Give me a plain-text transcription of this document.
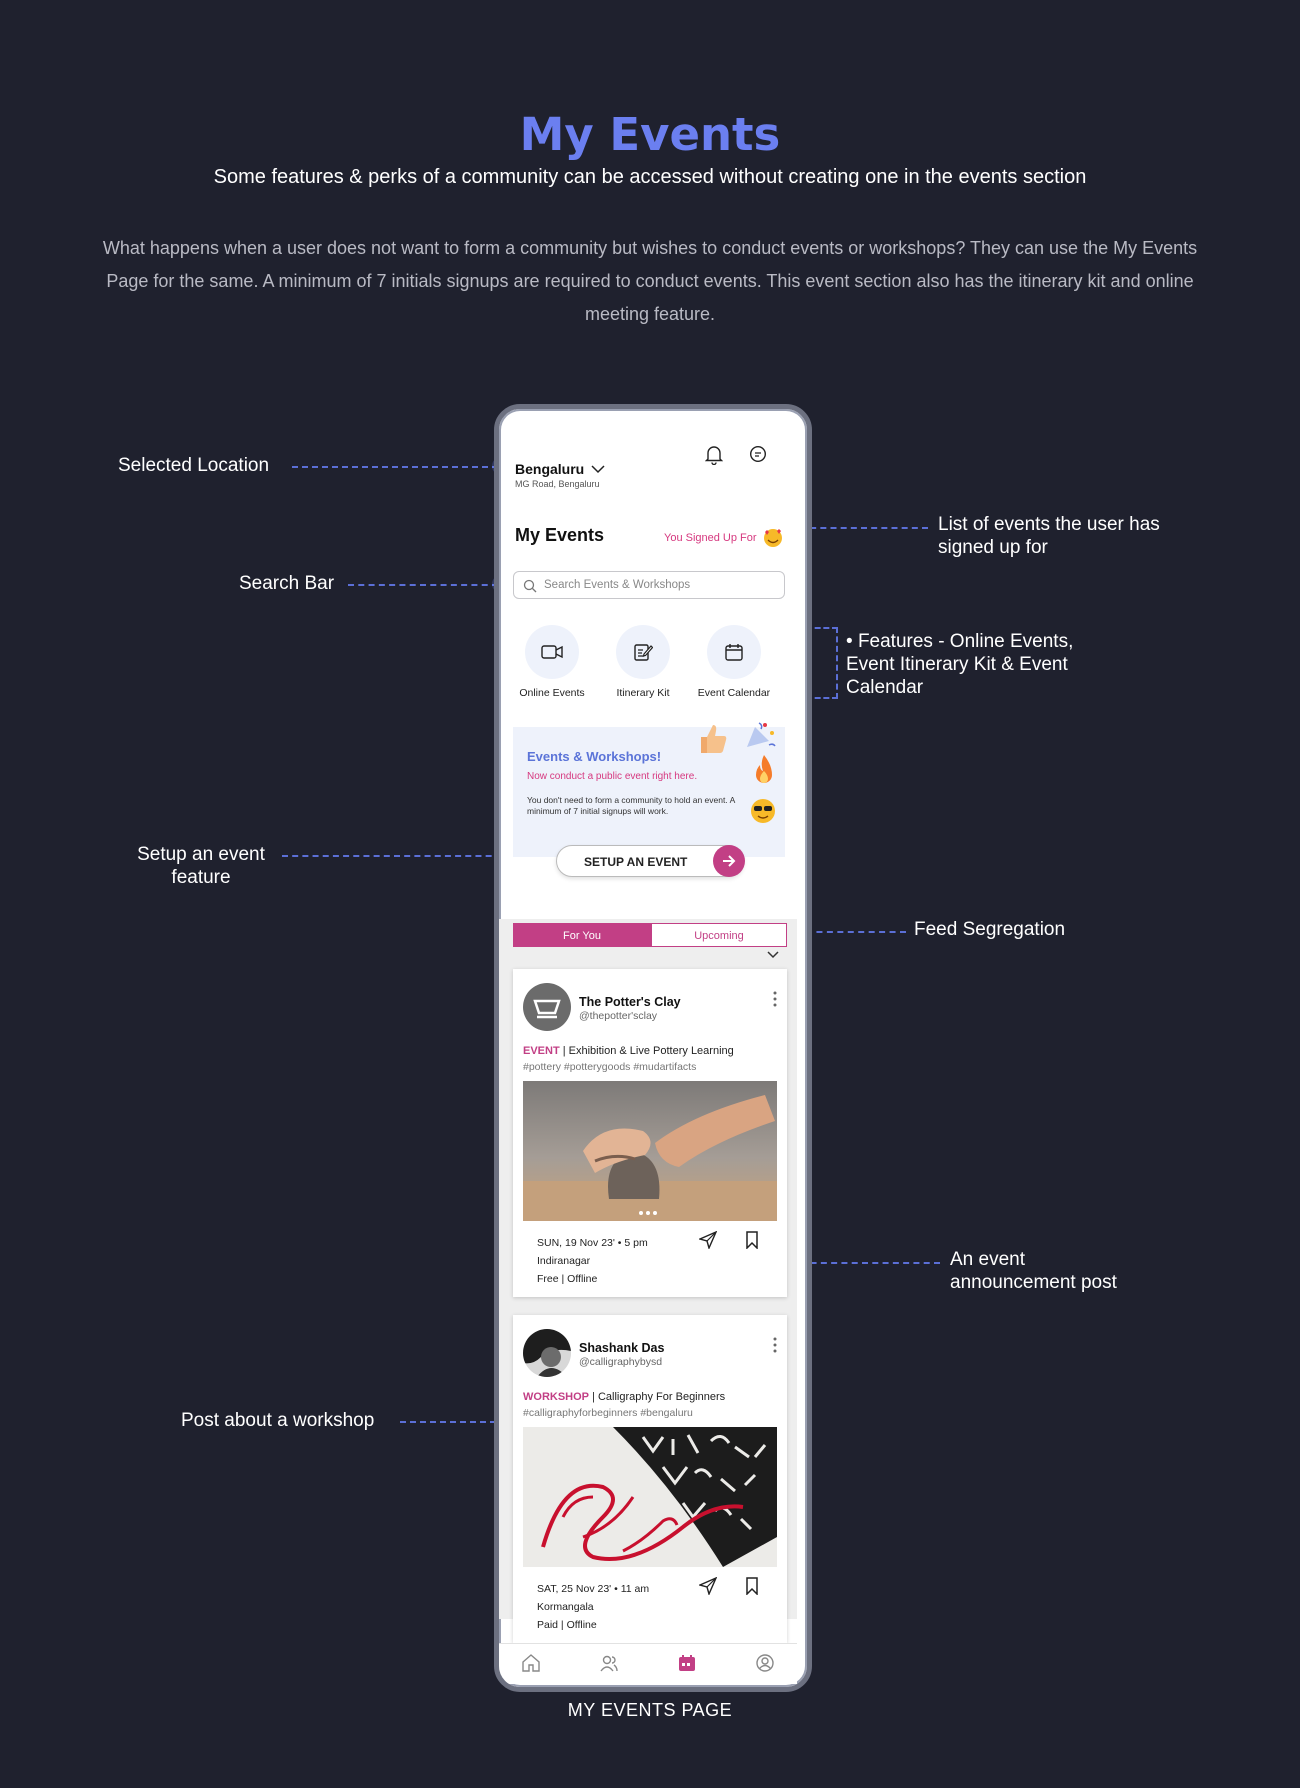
My Events
Some features & perks of a community can be accessed without creating one in the events section
What happens when a user does not want to form a community but wishes to conduct events or workshops? They can use the My Events Page for the same. A minimum of 7 initials signups are required to conduct events. This event section also has the itinerary kit and online meeting feature.
Selected Location
List of events the user has signed up for
Search Bar
• Features - Online Events, Event Itinerary Kit & Event Calendar
Setup an event feature
Feed Segregation
An event announcement post
Post about a workshop
Bengaluru
MG Road, Bengaluru
My Events	You Signed Up For
Search Events & Workshops
Online Events	Itinerary Kit	Event Calendar
Events & Workshops!
Now conduct a public event right here.
You don't need to form a community to hold an event. A minimum of 7 initial signups will work.
SETUP AN EVENT
For You	Upcoming
The Potter's Clay
@thepotter'sclay
EVENT | Exhibition & Live Pottery Learning
#pottery #potterygoods #mudartifacts
SUN, 19 Nov 23' • 5 pm
Indiranagar
Free | Offline
Shashank Das
@calligraphybysd
WORKSHOP | Calligraphy For Beginners
#calligraphyforbeginners #bengaluru
SAT, 25 Nov 23' • 11 am
Kormangala
Paid | Offline
MY EVENTS PAGE
